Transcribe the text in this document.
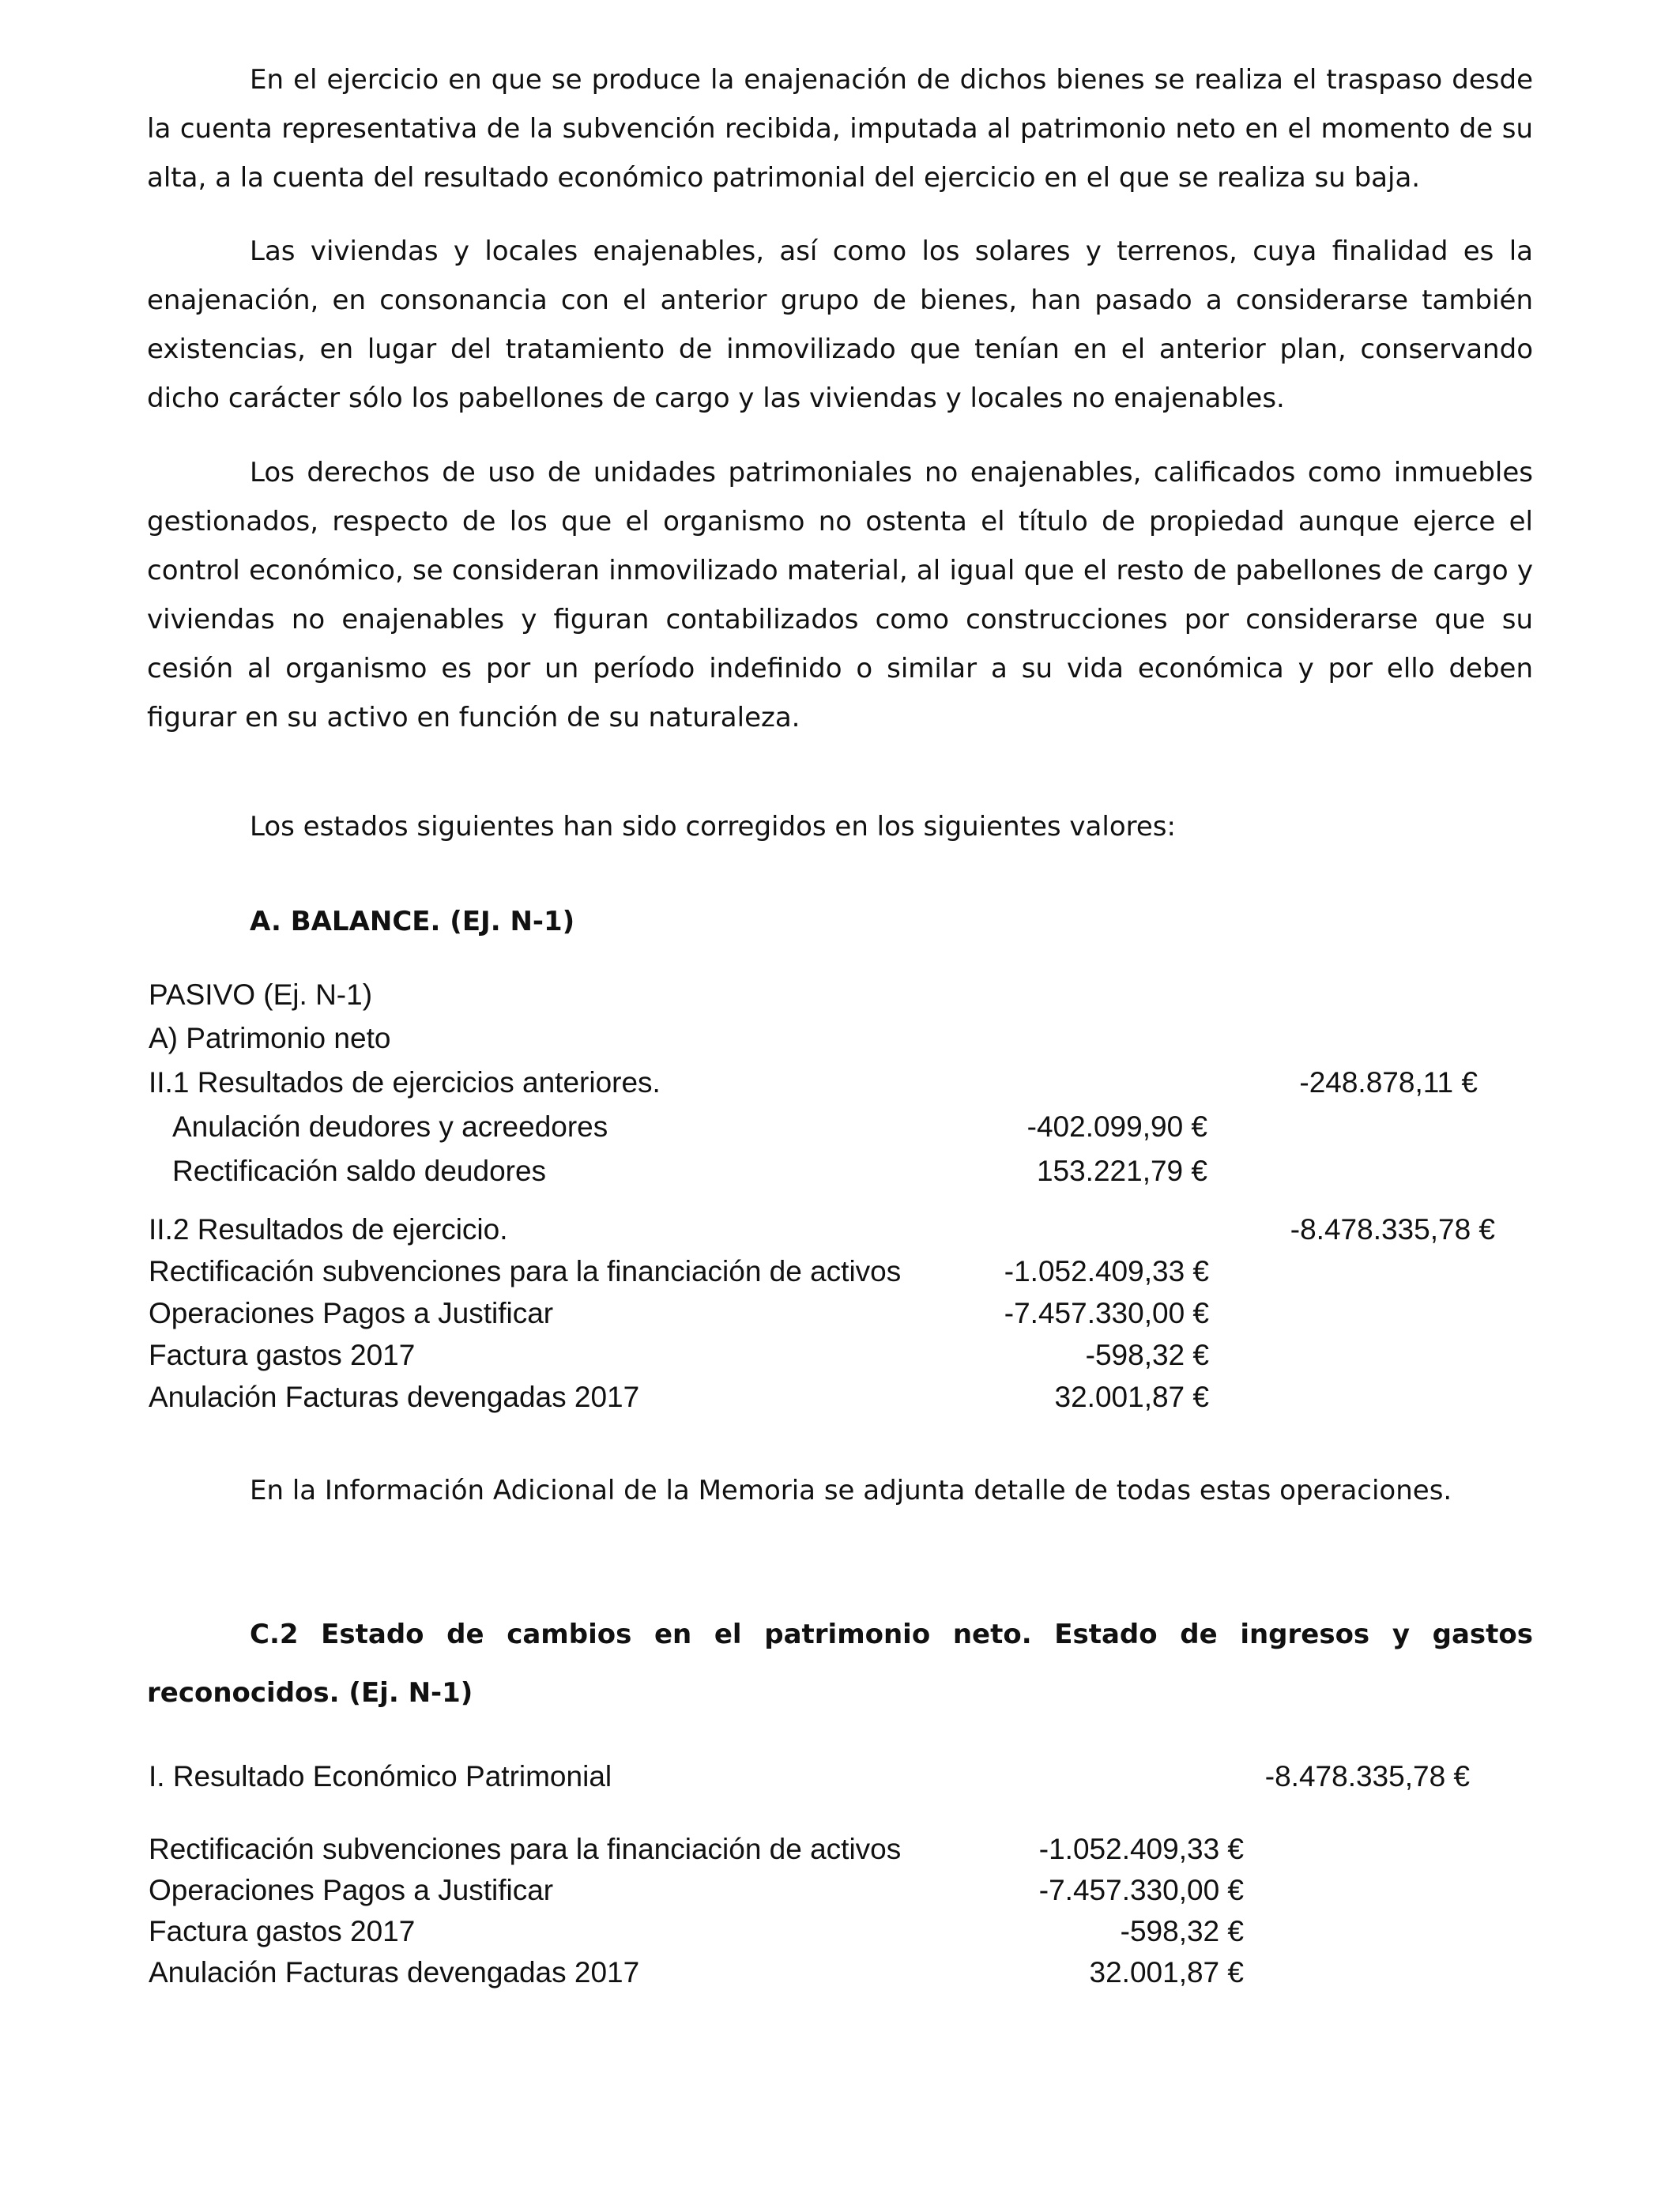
En el ejercicio en que se produce la enajenación de dichos bienes se realiza el traspaso desde la cuenta representativa de la subvención recibida, imputada al patrimonio neto en el momento de su alta, a la cuenta del resultado económico patrimonial del ejercicio en el que se realiza su baja.

Las viviendas y locales enajenables, así como los solares y terrenos, cuya finalidad es la enajenación, en consonancia con el anterior grupo de bienes, han pasado a considerarse también existencias, en lugar del tratamiento de inmovilizado que tenían en el anterior plan, conservando dicho carácter sólo los pabellones de cargo y las viviendas y locales no enajenables.

Los derechos de uso de unidades patrimoniales no enajenables, calificados como inmuebles gestionados, respecto de los que el organismo no ostenta el título de propiedad aunque ejerce el control económico, se consideran inmovilizado material, al igual que el resto de pabellones de cargo y viviendas no enajenables y figuran contabilizados como construcciones por considerarse que su cesión al organismo es por un período indefinido o similar a su vida económica y por ello deben figurar en su activo en función de su naturaleza.

Los estados siguientes han sido corregidos en los siguientes valores:

A. BALANCE. (EJ. N-1)

PASIVO (Ej. N-1)

A) Patrimonio neto

II.1 Resultados de ejercicios anteriores.	-248.878,11 €

Anulación deudores y acreedores	-402.099,90 €

Rectificación saldo deudores	153.221,79 €

II.2 Resultados de ejercicio.	-8.478.335,78 €

Rectificación subvenciones para la financiación de activos	-1.052.409,33 €

Operaciones Pagos a Justificar	-7.457.330,00 €

Factura gastos 2017	-598,32 €

Anulación Facturas devengadas 2017	32.001,87 €

En la Información Adicional de la Memoria se adjunta detalle de todas estas operaciones.

C.2 Estado de cambios en el patrimonio neto. Estado de ingresos y gastos reconocidos. (Ej. N-1)

I. Resultado Económico Patrimonial	-8.478.335,78 €

Rectificación subvenciones para la financiación de activos	-1.052.409,33 €

Operaciones Pagos a Justificar	-7.457.330,00 €

Factura gastos 2017	-598,32 €

Anulación Facturas devengadas 2017	32.001,87 €
